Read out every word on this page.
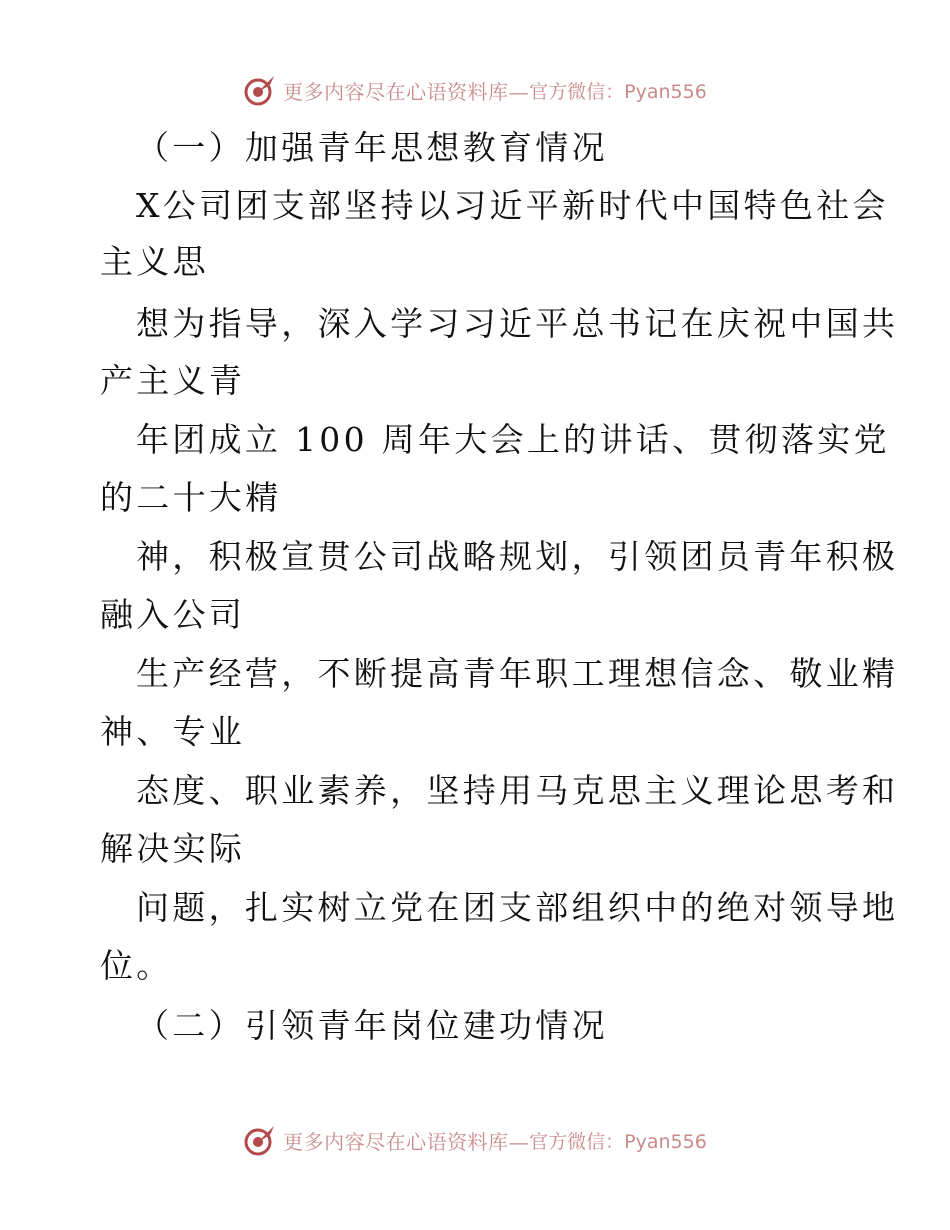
更多内容尽在心语资料库— 官方微信：Pyan556
（一）加强青年思想教育情况
X公司团支部坚持以习近平新时代中国特色社会
主义思
想为指导，深入学习习近平总书记在庆祝中国共
产主义青
年团成立 100 周年大会上的讲话、贯彻落实党
的二十大精
神，积极宣贯公司战略规划，引领团员青年积极
融入公司
生产经营，不断提高青年职工理想信念、敬业精
神、专业
态度、职业素养，坚持用马克思主义理论思考和
解决实际
问题，扎实树立党在团支部组织中的绝对领导地
位。
（二）引领青年岗位建功情况
更多内容尽在心语资料库— 官方微信：Pyan556
